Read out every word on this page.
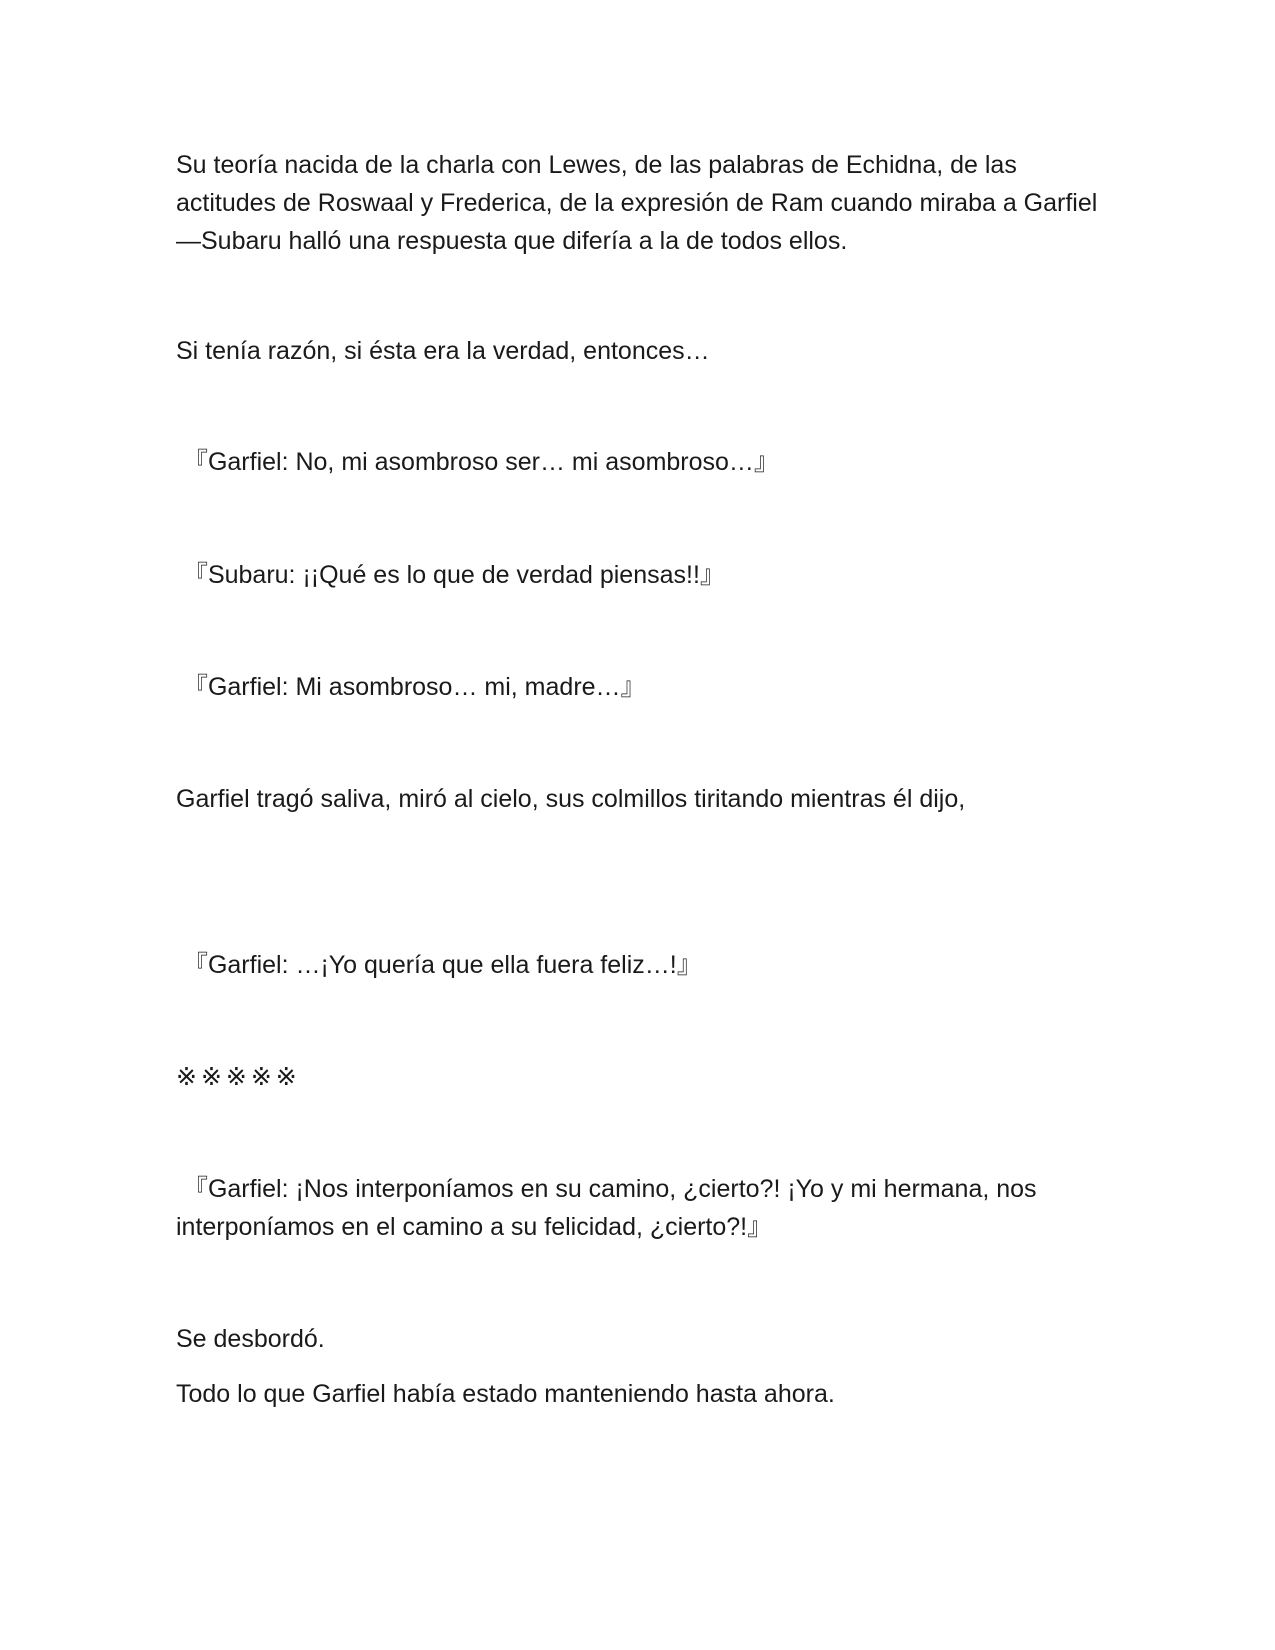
Su teoría nacida de la charla con Lewes, de las palabras de Echidna, de las actitudes de Roswaal y Frederica, de la expresión de Ram cuando miraba a Garfiel—Subaru halló una respuesta que difería a la de todos ellos.

Si tenía razón, si ésta era la verdad, entonces…

『Garfiel: No, mi asombroso ser… mi asombroso…』

『Subaru: ¡¡Qué es lo que de verdad piensas!!』

『Garfiel: Mi asombroso… mi, madre…』

Garfiel tragó saliva, miró al cielo, sus colmillos tiritando mientras él dijo,

『Garfiel: …¡Yo quería que ella fuera feliz…!』

※※※※※

『Garfiel: ¡Nos interponíamos en su camino, ¿cierto?! ¡Yo y mi hermana, nos interponíamos en el camino a su felicidad, ¿cierto?!』

Se desbordó.

Todo lo que Garfiel había estado manteniendo hasta ahora.
